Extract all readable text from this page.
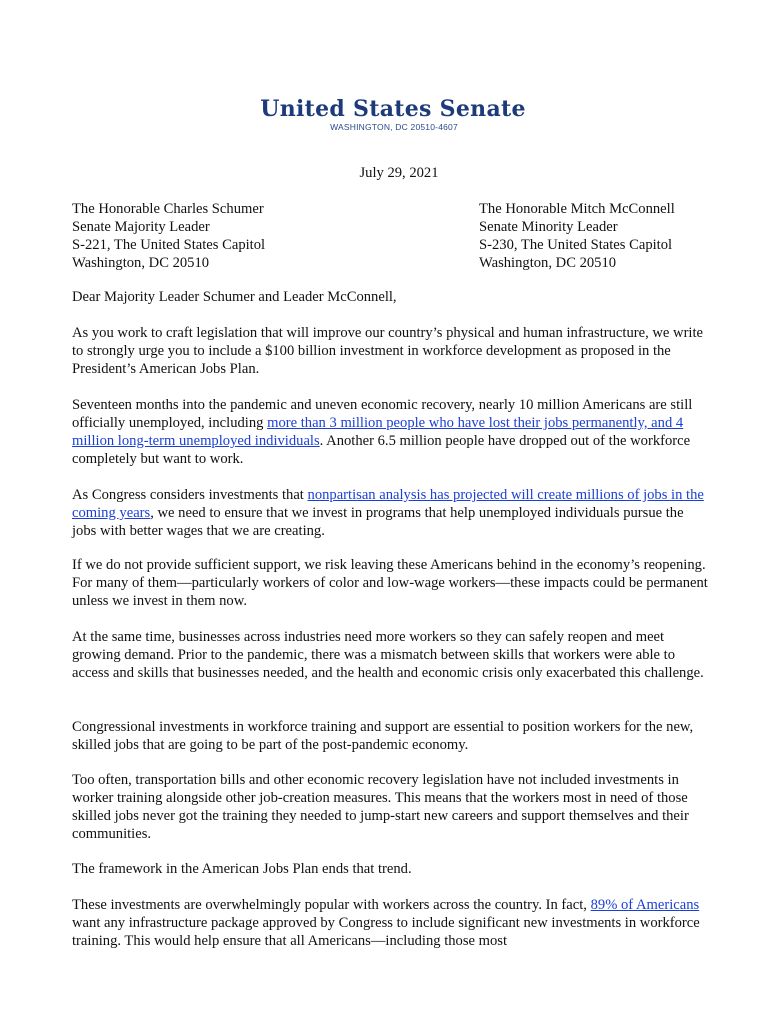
United States Senate
WASHINGTON, DC 20510-4607
July 29, 2021
The Honorable Charles Schumer
Senate Majority Leader
S-221, The United States Capitol
Washington, DC 20510
The Honorable Mitch McConnell
Senate Minority Leader
S-230, The United States Capitol
Washington, DC 20510

Dear Majority Leader Schumer and Leader McConnell,

As you work to craft legislation that will improve our country’s physical and human infrastructure, we write to strongly urge you to include a $100 billion investment in workforce development as proposed in the President’s American Jobs Plan.

Seventeen months into the pandemic and uneven economic recovery, nearly 10 million Americans are still officially unemployed, including more than 3 million people who have lost their jobs permanently, and 4 million long-term unemployed individuals. Another 6.5 million people have dropped out of the workforce completely but want to work.

As Congress considers investments that nonpartisan analysis has projected will create millions of jobs in the coming years, we need to ensure that we invest in programs that help unemployed individuals pursue the jobs with better wages that we are creating.

If we do not provide sufficient support, we risk leaving these Americans behind in the economy’s reopening. For many of them—particularly workers of color and low-wage workers—these impacts could be permanent unless we invest in them now.

At the same time, businesses across industries need more workers so they can safely reopen and meet growing demand. Prior to the pandemic, there was a mismatch between skills that workers were able to access and skills that businesses needed, and the health and economic crisis only exacerbated this challenge.

Congressional investments in workforce training and support are essential to position workers for the new, skilled jobs that are going to be part of the post-pandemic economy.

Too often, transportation bills and other economic recovery legislation have not included investments in worker training alongside other job-creation measures. This means that the workers most in need of those skilled jobs never got the training they needed to jump-start new careers and support themselves and their communities.

The framework in the American Jobs Plan ends that trend.

These investments are overwhelmingly popular with workers across the country. In fact, 89% of Americans want any infrastructure package approved by Congress to include significant new investments in workforce training. This would help ensure that all Americans—including those most
